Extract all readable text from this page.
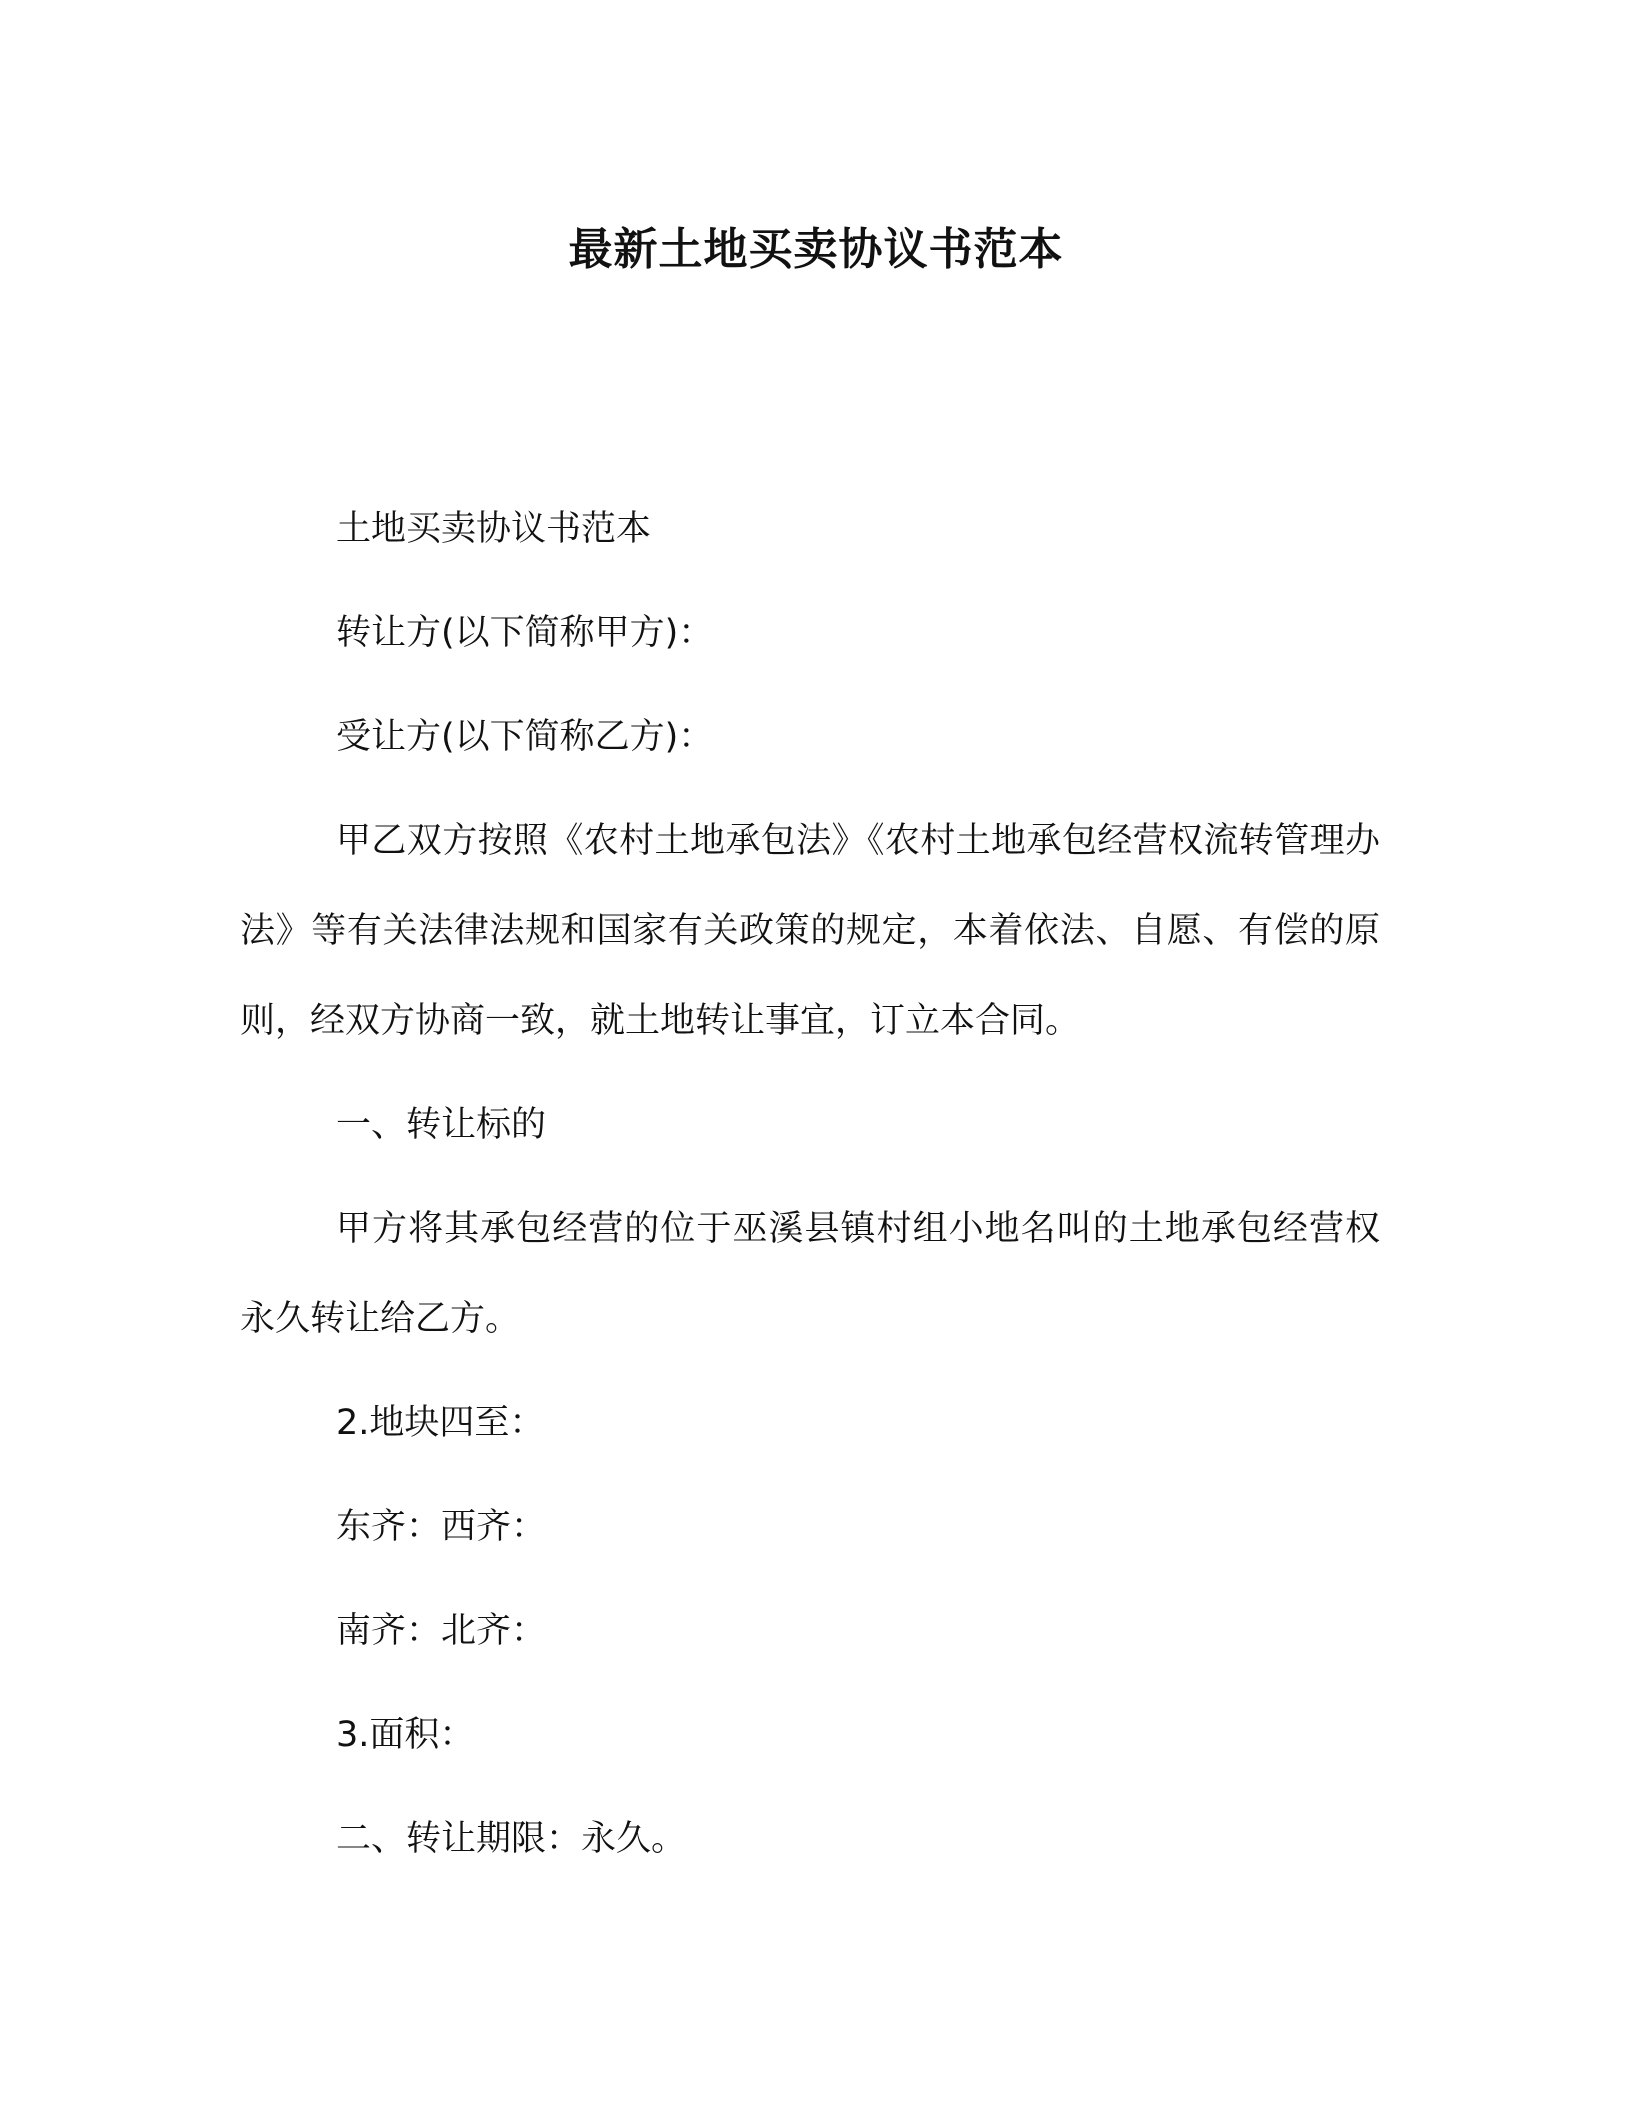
最新土地买卖协议书范本

土地买卖协议书范本

转让方(以下简称甲方)：

受让方(以下简称乙方)：

甲乙双方按照《农村土地承包法》《农村土地承包经营权流转管理办法》等有关法律法规和国家有关政策的规定，本着依法、自愿、有偿的原则，经双方协商一致，就土地转让事宜，订立本合同。

一、转让标的

甲方将其承包经营的位于巫溪县镇村组小地名叫的土地承包经营权永久转让给乙方。

2.地块四至：

东齐：西齐：

南齐：北齐：

3.面积：

二、转让期限：永久。
